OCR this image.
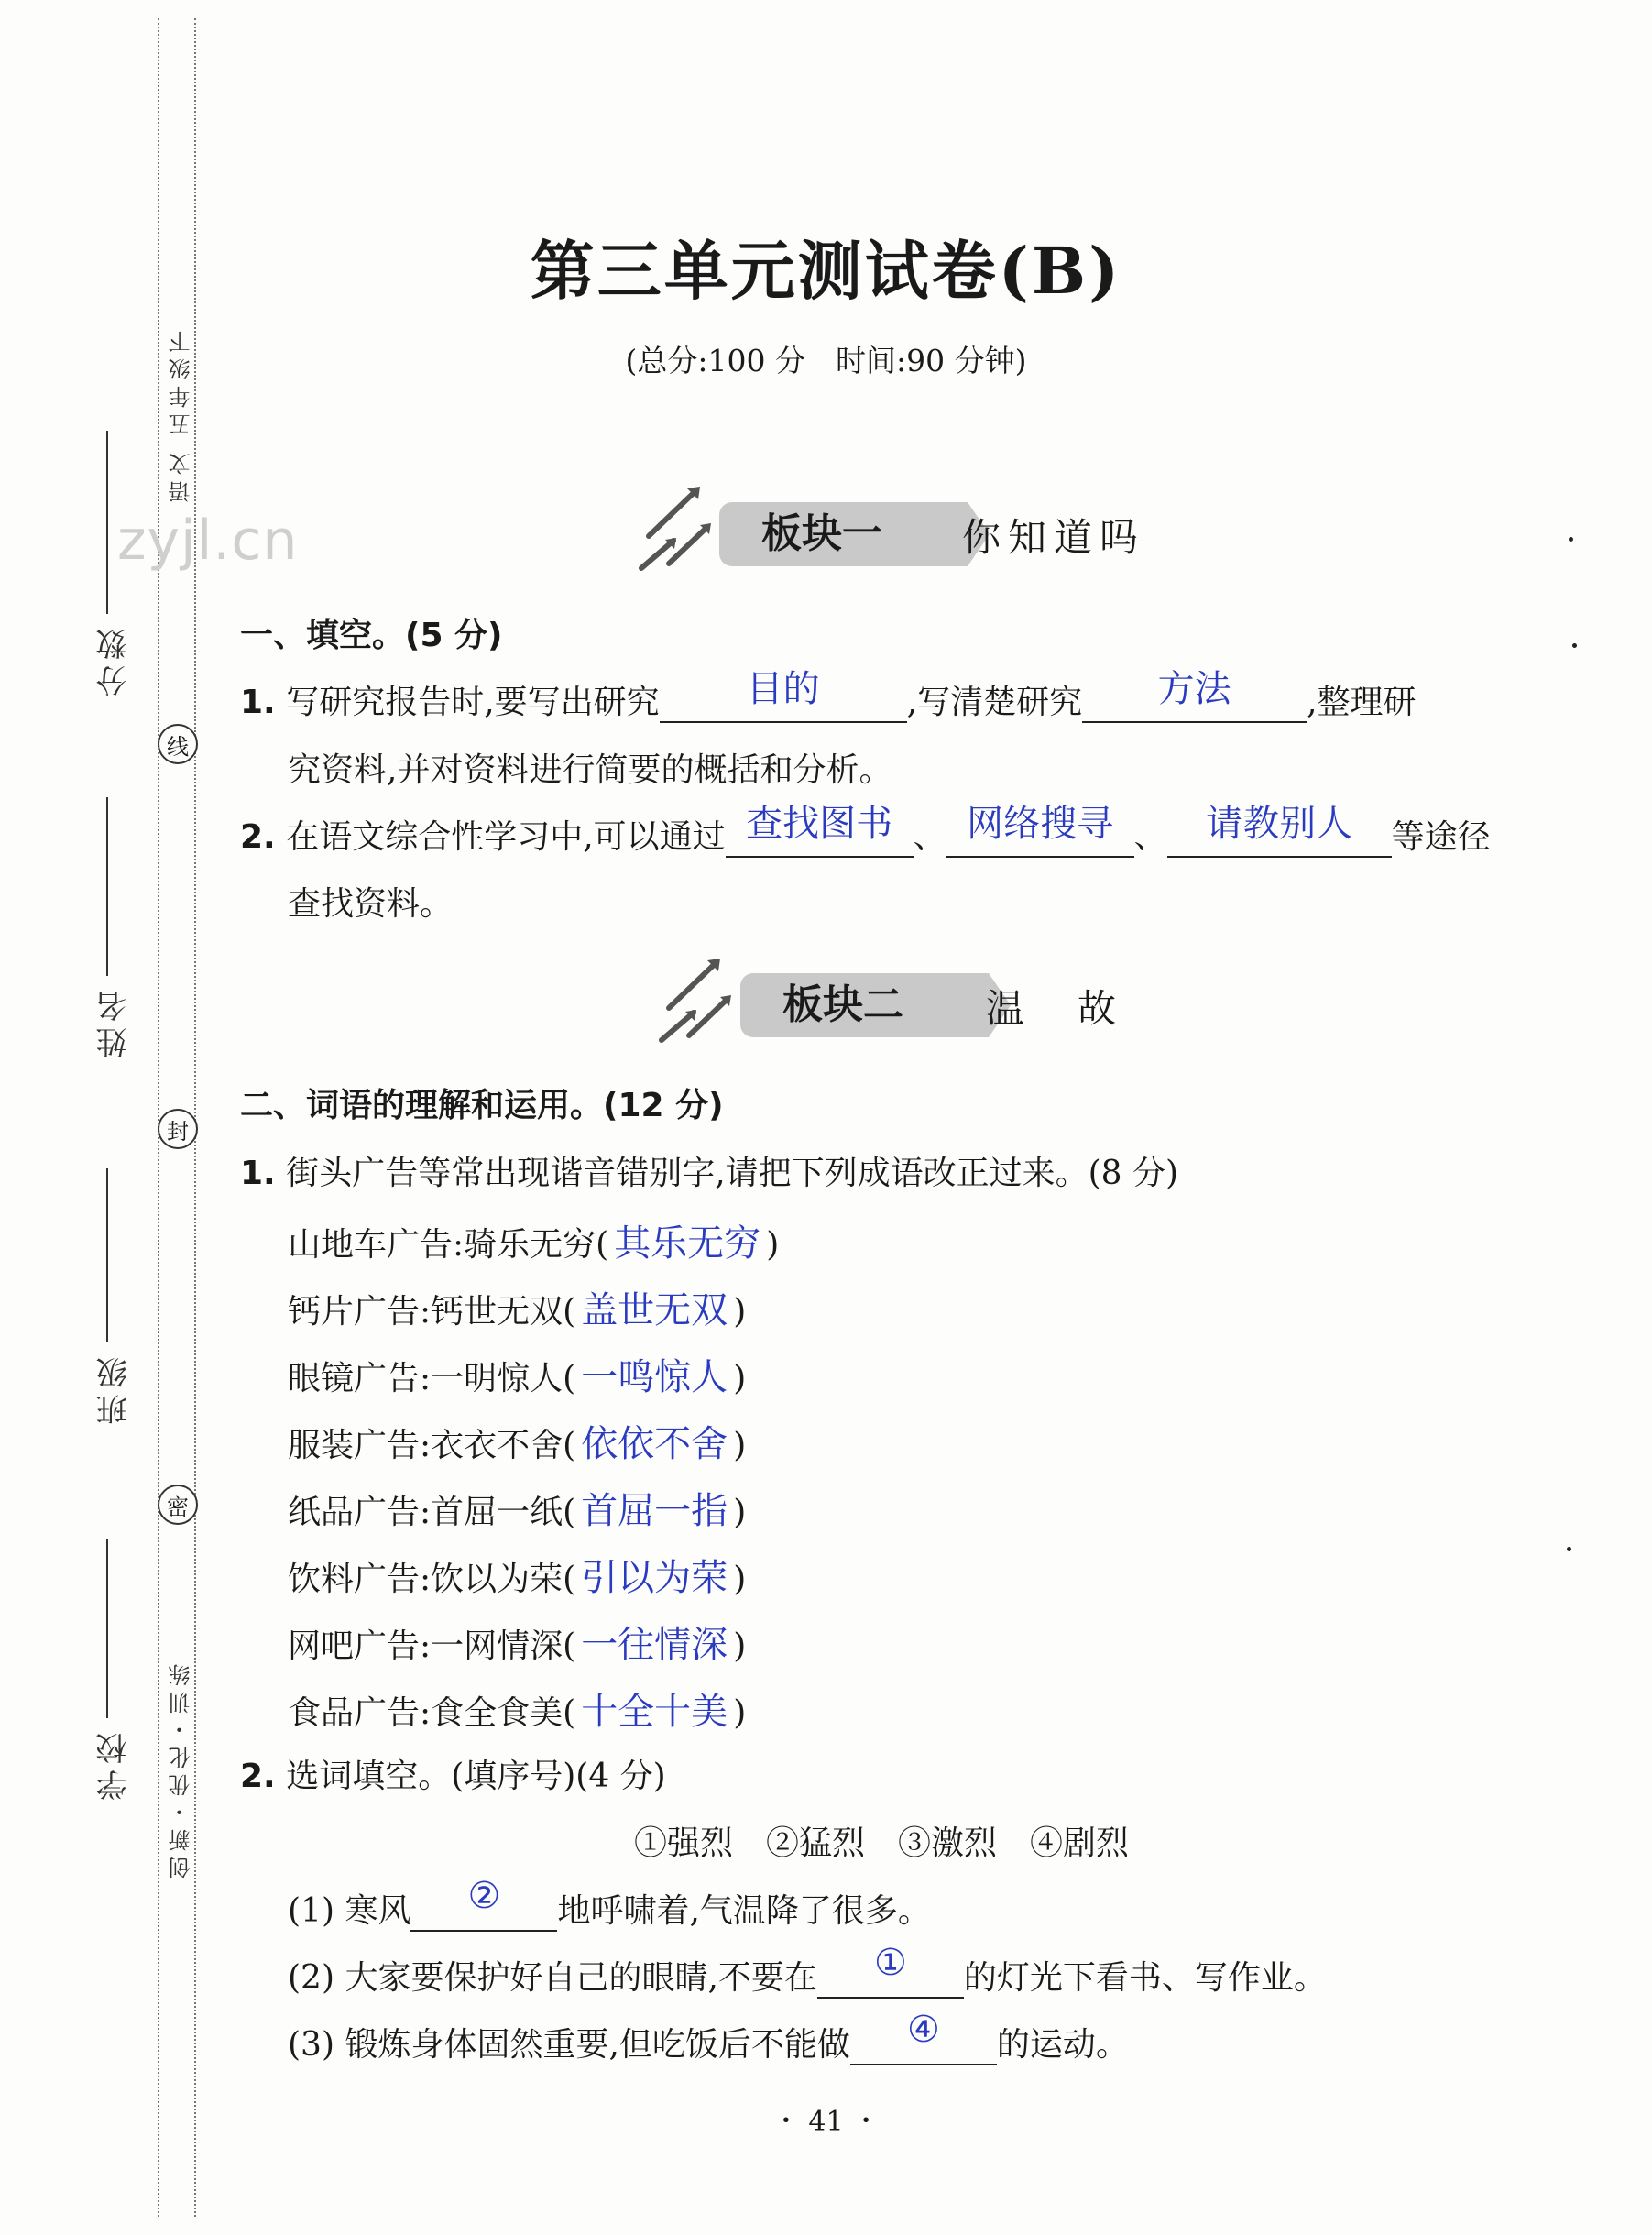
语文 五年级下
创新・优化・训练
zyjl.cn
分数
姓名
班级
学校
线
封
密
第三单元测试卷(B)
(总分:100 分　时间:90 分钟)
板块一	你知道吗
一、填空。(5 分)
1. 写研究报告时,要写出研究	目的	,写清楚研究	方法	,整理研
究资料,并对资料进行简要的概括和分析。
2. 在语文综合性学习中,可以通过 查找图书 、 网络搜寻 、	请教别人	等途径
查找资料。
板块二	温　故
二、词语的理解和运用。(12 分)
1. 街头广告等常出现谐音错别字,请把下列成语改正过来。(8 分)
山地车广告:骑乐无穷( 其乐无穷 )
钙片广告:钙世无双( 盖世无双 )
眼镜广告:一明惊人( 一鸣惊人 )
服装广告:衣衣不舍( 依依不舍 )
纸品广告:首屈一纸( 首屈一指 )
饮料广告:饮以为荣( 引以为荣 )
网吧广告:一网情深( 一往情深 )
食品广告:食全食美( 十全十美 )
2. 选词填空。(填序号)(4 分)
①强烈　②猛烈　③激烈　④剧烈
(1) 寒风	②	地呼啸着,气温降了很多。
(2) 大家要保护好自己的眼睛,不要在	①	的灯光下看书、写作业。
(3) 锻炼身体固然重要,但吃饭后不能做	④	的运动。
・ 41 ・
